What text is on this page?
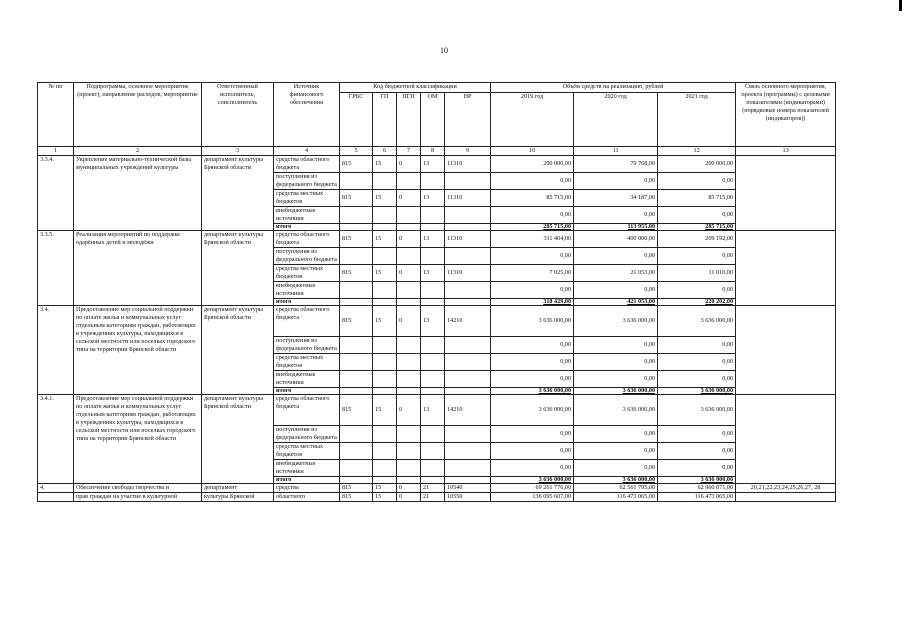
10
№ пп	Подпрограмма, основное мероприятие (проект), направление расходов, мероприятие	Ответственный исполнитель, соисполнитель	Источник финансового обеспечения	Код бюджетной классификации					Объём средств на реализацию, рублей			Связь основного мероприятия, проекта (программы) с целевыми показателями (индикаторами) (порядковые номера показателей (индикаторов))
				ГРБС	ГП	ПГП	ОМ	НР	2019 год	2020 год	2021 год	
1	2	3	4	5	6	7	8	9	10	11	12	13
3.3.4.	Укрепление материально-технической базы муниципальных учреждений культуры	департамент культуры Брянской области	средства областного бюджета	815	15	0	13	11310	200 000,00	79 768,00	200 000,00	
			поступления из федерального бюджета						0,00	0,00	0,00	
			средства местных бюджетов	815	15	0	13	11310	85 715,00	34 187,00	85 715,00	
			внебюджетные источники						0,00	0,00	0,00	
			итого						285 715,00	113 955,00	285 715,00	
3.3.5.	Реализация мероприятий по поддержке одарённых детей и молодёжи	департамент культуры Брянской области	средства областного бюджета	815	15	0	13	11310	311 404,00	400 000,00	209 192,00	
			поступления из федерального бюджета						0,00	0,00	0,00	
			средства местных бюджетов	815	15	0	13	11310	7 025,00	21 053,00	11 010,00	
			внебюджетные источники						0,00	0,00	0,00	
			итого						318 429,00	421 053,00	220 202,00	
3.4.	Предоставление мер социальной поддержки по оплате жилья и коммунальных услуг отдельным категориям граждан, работающих в учреждениях культуры, находящихся в сельской местности или поселках городского типа на территории Брянской области	департамент культуры Брянской области	средства областного бюджета	815	15	0	13	14210	3 636 000,00	3 636 000,00	3 636 000,00	
			поступления из федерального бюджета						0,00	0,00	0,00	
			средства местных бюджетов						0,00	0,00	0,00	
			внебюджетные источники						0,00	0,00	0,00	
			итого						3 636 000,00	3 636 000,00	3 636 000,00	
3.4.1.	Предоставление мер социальной поддержки по оплате жилья и коммунальных услуг отдельным категориям граждан, работающих в учреждениях культуры, находящихся в сельской местности или поселках городского типа на территории Брянской области	департамент культуры Брянской области	средства областного бюджета	815	15	0	13	14210	3 636 000,00	3 636 000,00	3 636 000,00	
			поступления из федерального бюджета						0,00	0,00	0,00	
			средства местных бюджетов						0,00	0,00	0,00	
			внебюджетные источники						0,00	0,00	0,00	
			итого						3 636 000,00	3 636 000,00	3 636 000,00	
4.	Обеспечение свободы творчества и	департамент	средства	815	15	0	21	10540	69 261 776,00	62 561 795,00	62 960 071,00	20,21,22,23,24,25,26,27, 28
	прав граждан на участие в культурной	культуры Брянской	областного	815	15	0	21	10550	136 095 607,00	116 473 065,00	116 473 065,00	
